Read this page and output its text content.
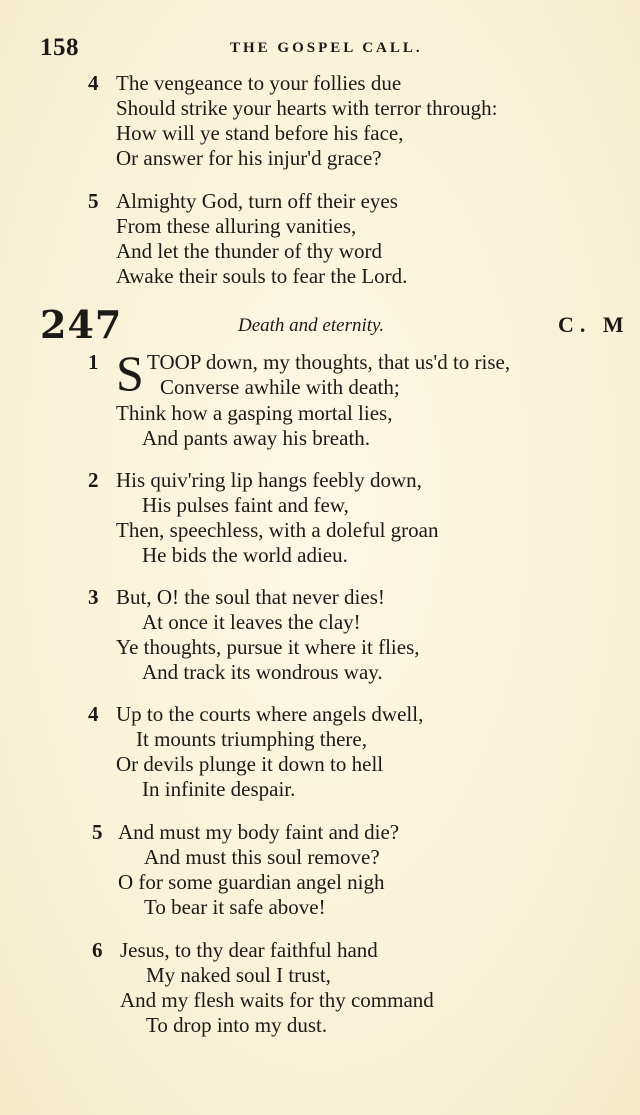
158	THE GOSPEL CALL.
4 The vengeance to your follies due
Should strike your hearts with terror through:
How will ye stand before his face,
Or answer for his injur'd grace?
5 Almighty God, turn off their eyes
From these alluring vanities,
And let the thunder of thy word
Awake their souls to fear the Lord.
247	Death and eternity.	C. M
1 S TOOP down, my thoughts, that us'd to rise,
Converse awhile with death;
Think how a gasping mortal lies,
And pants away his breath.
2 His quiv'ring lip hangs feebly down,
His pulses faint and few,
Then, speechless, with a doleful groan
He bids the world adieu.
3 But, O! the soul that never dies!
At once it leaves the clay!
Ye thoughts, pursue it where it flies,
And track its wondrous way.
4 Up to the courts where angels dwell,
It mounts triumphing there,
Or devils plunge it down to hell
In infinite despair.
5 And must my body faint and die?
And must this soul remove?
O for some guardian angel nigh
To bear it safe above!
6 Jesus, to thy dear faithful hand
My naked soul I trust,
And my flesh waits for thy command
To drop into my dust.
